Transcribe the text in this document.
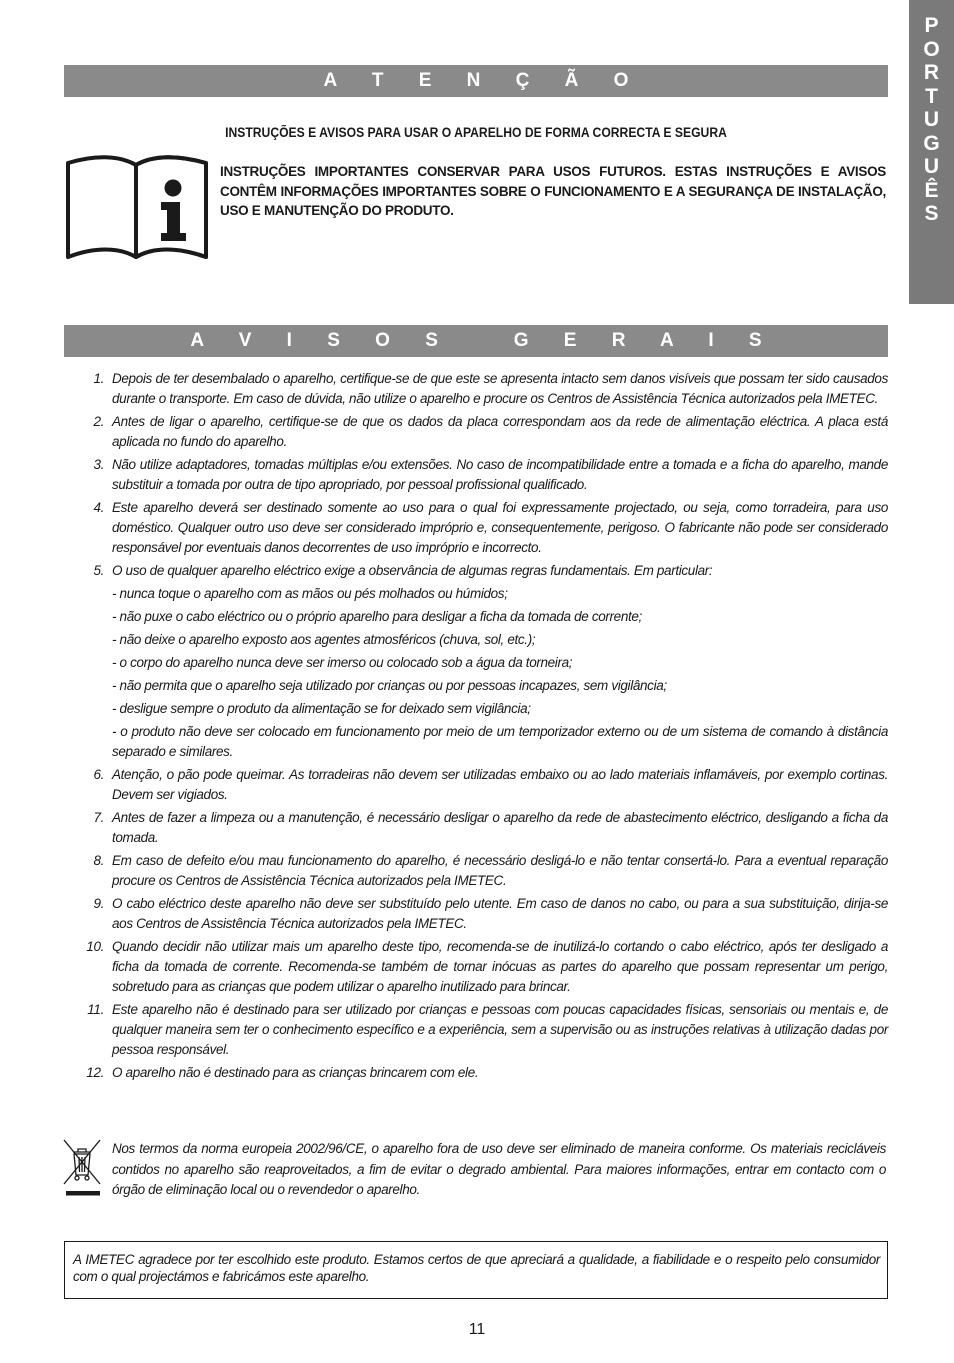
P
O
R
T
U
G
U
Ê
S
A T E N Ç Ã O
INSTRUÇÕES E AVISOS PARA USAR O APARELHO DE FORMA CORRECTA E SEGURA
INSTRUÇÕES IMPORTANTES CONSERVAR PARA USOS FUTUROS. ESTAS INSTRUÇÕES E AVISOS CONTÊM INFORMAÇÕES IMPORTANTES SOBRE O FUNCIONAMENTO E A SEGURANÇA DE INSTALAÇÃO, USO E MANUTENÇÃO DO PRODUTO.
A V I S O S   G E R A I S
1. Depois de ter desembalado o aparelho, certifique-se de que este se apresenta intacto sem danos visíveis que possam ter sido causados durante o transporte. Em caso de dúvida, não utilize o aparelho e procure os Centros de Assistência Técnica autorizados pela IMETEC.
2. Antes de ligar o aparelho, certifique-se de que os dados da placa correspondam aos da rede de alimentação eléctrica. A placa está aplicada no fundo do aparelho.
3. Não utilize adaptadores, tomadas múltiplas e/ou extensões. No caso de incompatibilidade entre a tomada e a ficha do aparelho, mande substituir a tomada por outra de tipo apropriado, por pessoal profissional qualificado.
4. Este aparelho deverá ser destinado somente ao uso para o qual foi expressamente projectado, ou seja, como torradeira, para uso doméstico. Qualquer outro uso deve ser considerado impróprio e, consequentemente, perigoso. O fabricante não pode ser considerado responsável por eventuais danos decorrentes de uso impróprio e incorrecto.
5. O uso de qualquer aparelho eléctrico exige a observância de algumas regras fundamentais. Em particular:
- nunca toque o aparelho com as mãos ou pés molhados ou húmidos;
- não puxe o cabo eléctrico ou o próprio aparelho para desligar a ficha da tomada de corrente;
- não deixe o aparelho exposto aos agentes atmosféricos (chuva, sol, etc.);
- o corpo do aparelho nunca deve ser imerso ou colocado sob a água da torneira;
- não permita que o aparelho seja utilizado por crianças ou por pessoas incapazes, sem vigilância;
- desligue sempre o produto da alimentação se for deixado sem vigilância;
- o produto não deve ser colocado em funcionamento por meio de um temporizador externo ou de um sistema de comando à distância separado e similares.
6. Atenção, o pão pode queimar. As torradeiras não devem ser utilizadas embaixo ou ao lado materiais inflamáveis, por exemplo cortinas. Devem ser vigiados.
7. Antes de fazer a limpeza ou a manutenção, é necessário desligar o aparelho da rede de abastecimento eléctrico, desligando a ficha da tomada.
8. Em caso de defeito e/ou mau funcionamento do aparelho, é necessário desligá-lo e não tentar consertá-lo. Para a eventual reparação procure os Centros de Assistência Técnica autorizados pela IMETEC.
9. O cabo eléctrico deste aparelho não deve ser substituído pelo utente. Em caso de danos no cabo, ou para a sua substituição, dirija-se aos Centros de Assistência Técnica autorizados pela IMETEC.
10. Quando decidir não utilizar mais um aparelho deste tipo, recomenda-se de inutilizá-lo cortando o cabo eléctrico, após ter desligado a ficha da tomada de corrente. Recomenda-se também de tornar inócuas as partes do aparelho que possam representar um perigo, sobretudo para as crianças que podem utilizar o aparelho inutilizado para brincar.
11. Este aparelho não é destinado para ser utilizado por crianças e pessoas com poucas capacidades físicas, sensoriais ou mentais e, de qualquer maneira sem ter o conhecimento específico e a experiência, sem a supervisão ou as instruções relativas à utilização dadas por pessoa responsável.
12. O aparelho não é destinado para as crianças brincarem com ele.
Nos termos da norma europeia 2002/96/CE, o aparelho fora de uso deve ser eliminado de maneira conforme. Os materiais recicláveis contidos no aparelho são reaproveitados, a fim de evitar o degrado ambiental. Para maiores informações, entrar em contacto com o órgão de eliminação local ou o revendedor o aparelho.
A IMETEC agradece por ter escolhido este produto. Estamos certos de que apreciará a qualidade, a fiabilidade e o respeito pelo consumidor com o qual projectámos e fabricámos este aparelho.
11
